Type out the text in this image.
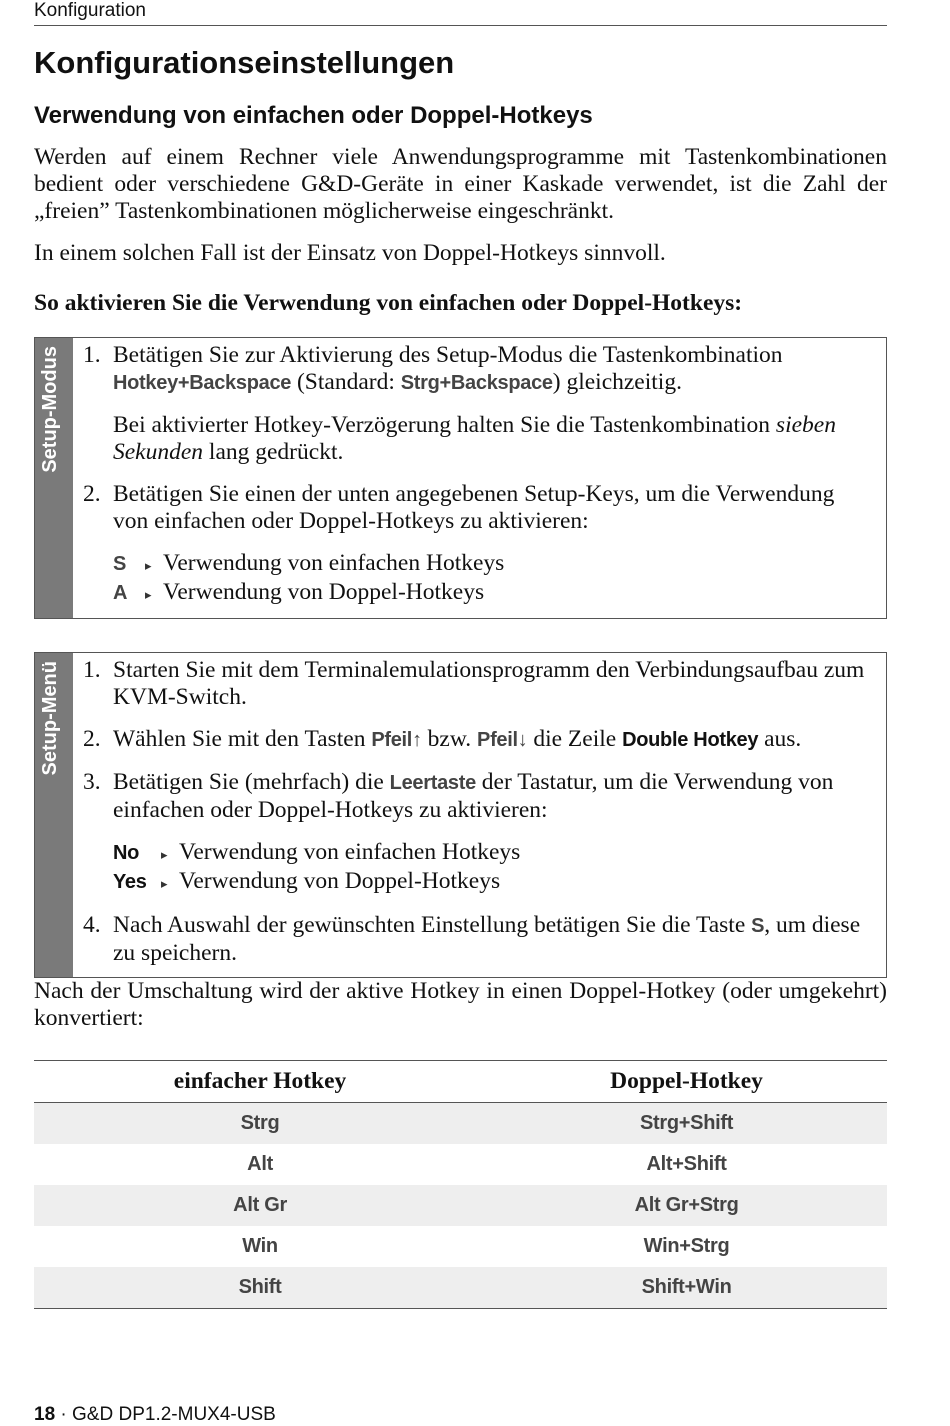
Konfiguration
Konfigurationseinstellungen
Verwendung von einfachen oder Doppel-Hotkeys

Werden auf einem Rechner viele Anwendungsprogramme mit Tastenkombinationen bedient oder verschiedene G&D-Geräte in einer Kaskade verwendet, ist die Zahl der „freien” Tastenkombinationen möglicherweise eingeschränkt.

In einem solchen Fall ist der Einsatz von Doppel-Hotkeys sinnvoll.

So aktivieren Sie die Verwendung von einfachen oder Doppel-Hotkeys:

Setup-Modus 1. Betätigen Sie zur Aktivierung des Setup-Modus die Tastenkombination Hotkey+Backspace (Standard: Strg+Backspace) gleichzeitig.
Bei aktivierter Hotkey-Verzögerung halten Sie die Tastenkombination sieben Sekunden lang gedrückt.
2. Betätigen Sie einen der unten angegebenen Setup-Keys, um die Verwendung von einfachen oder Doppel-Hotkeys zu aktivieren:
S	▸ Verwendung von einfachen Hotkeys
A	▸ Verwendung von Doppel-Hotkeys
Setup-Menü 1. Starten Sie mit dem Terminalemulationsprogramm den Verbindungsaufbau zum KVM-Switch.
2. Wählen Sie mit den Tasten Pfeil↑ bzw. Pfeil↓ die Zeile Double Hotkey aus.
3. Betätigen Sie (mehrfach) die Leertaste der Tastatur, um die Verwendung von einfachen oder Doppel-Hotkeys zu aktivieren:
No	▸ Verwendung von einfachen Hotkeys
Yes	▸ Verwendung von Doppel-Hotkeys
4. Nach Auswahl der gewünschten Einstellung betätigen Sie die Taste S, um diese zu speichern.

Nach der Umschaltung wird der aktive Hotkey in einen Doppel-Hotkey (oder umgekehrt) konvertiert:

einfacher Hotkey	Doppel-Hotkey
Strg	Strg+Shift
Alt	Alt+Shift
Alt Gr	Alt Gr+Strg
Win	Win+Strg
Shift	Shift+Win
18 · G&D DP1.2-MUX4-USB
